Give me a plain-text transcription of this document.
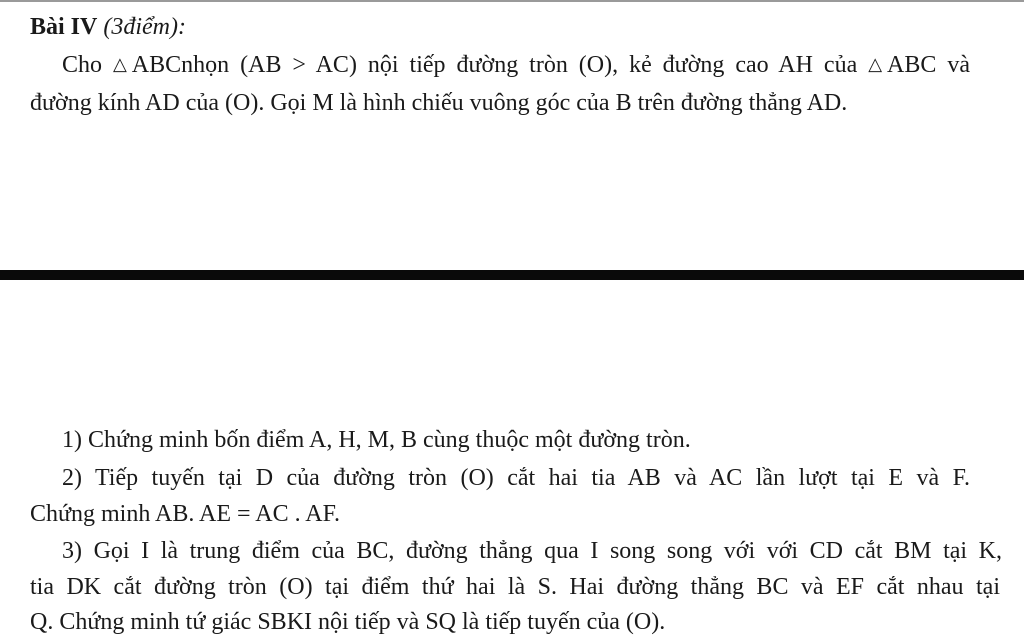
Bài IV (3điểm):
Cho △ABCnhọn (AB > AC) nội tiếp đường tròn (O), kẻ đường cao AH của △ABC và
đường kính AD của (O). Gọi M là hình chiếu vuông góc của B trên đường thẳng AD.
1) Chứng minh bốn điểm A, H, M, B cùng thuộc một đường tròn.
2) Tiếp tuyến tại D của đường tròn (O) cắt hai tia AB và AC lần lượt tại E và F.
Chứng minh AB. AE = AC . AF.
3) Gọi I là trung điểm của BC, đường thẳng qua I song song với với CD cắt BM tại K,
tia DK cắt đường tròn (O) tại điểm thứ hai là S. Hai đường thẳng BC và EF cắt nhau tại
Q. Chứng minh tứ giác SBKI nội tiếp và SQ là tiếp tuyến của (O).
